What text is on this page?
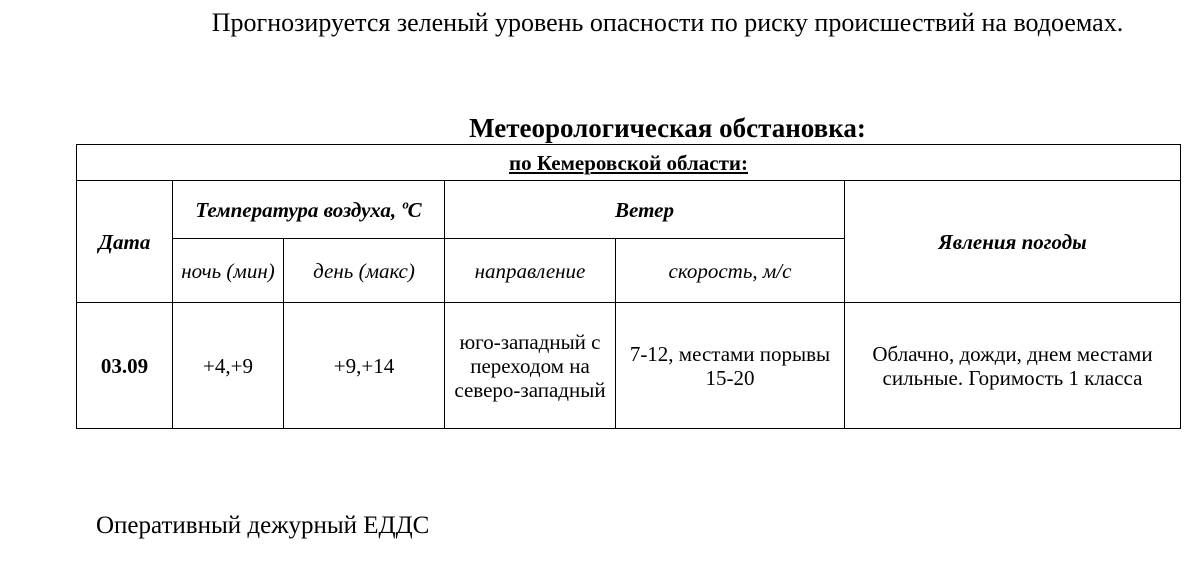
Прогнозируется зеленый уровень опасности по риску происшествий на водоемах.
Метеорологическая обстановка:
по Кемеровской области:					
Дата	Температура воздуха, ºС		Ветер		Явления погоды
	ночь (мин)	день (макс)	направление	скорость, м/с	
03.09	+4,+9	+9,+14	юго-западный с переходом на северо-западный	7-12, местами порывы 15-20	Облачно, дожди, днем местами сильные. Горимость 1 класса
Оперативный дежурный ЕДДС
